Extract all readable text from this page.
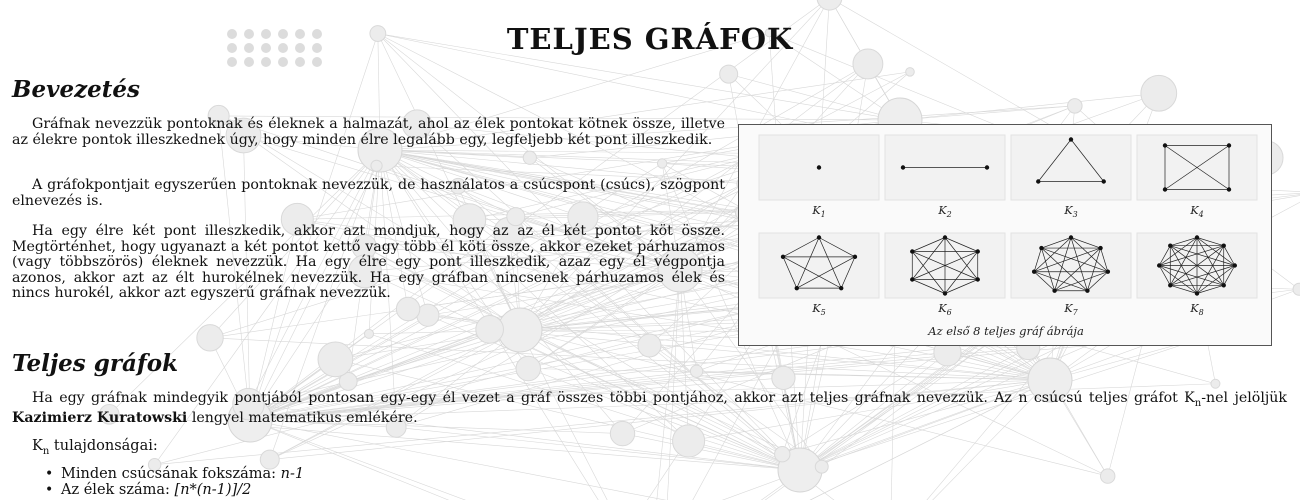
TELJES GRÁFOK
Bevezetés

Gráfnak nevezzük pontoknak és éleknek a halmazát, ahol az élek pontokat kötnek össze, illetve az élekre pontok illeszkednek úgy, hogy minden élre legalább egy, legfeljebb két pont illeszkedik.

A gráfokpontjait egyszerűen pontoknak nevezzük, de használatos a csúcspont (csúcs), szögpont elnevezés is.

Ha egy élre két pont illeszkedik, akkor azt mondjuk, hogy az az él két pontot köt össze. Megtörténhet, hogy ugyanazt a két pontot kettő vagy több él köti össze, akkor ezeket párhuzamos (vagy többszörös) éleknek nevezzük. Ha egy élre egy pont illeszkedik, azaz egy él végpontja azonos, akkor azt az élt hurokélnek nevezzük. Ha egy gráfban nincsenek párhuzamos élek és nincs hurokél, akkor azt egyszerű gráfnak nevezzük.

Teljes gráfok

Ha egy gráfnak mindegyik pontjából pontosan egy-egy él vezet a gráf összes többi pontjához, akkor azt teljes gráfnak nevezzük. Az n csúcsú teljes gráfot $K_n$-nel jelöljük Kazimierz Kuratowski lengyel matematikus emlékére.

$K_n$ tulajdonságai:

• Minden csúcsának fokszáma: n-1
• Az élek száma: [n*(n-1)]/2
$K_1$	$K_2$	$K_3$	$K_4$
$K_5$	$K_6$	$K_7$	$K_8$
Az első 8 teljes gráf ábrája
